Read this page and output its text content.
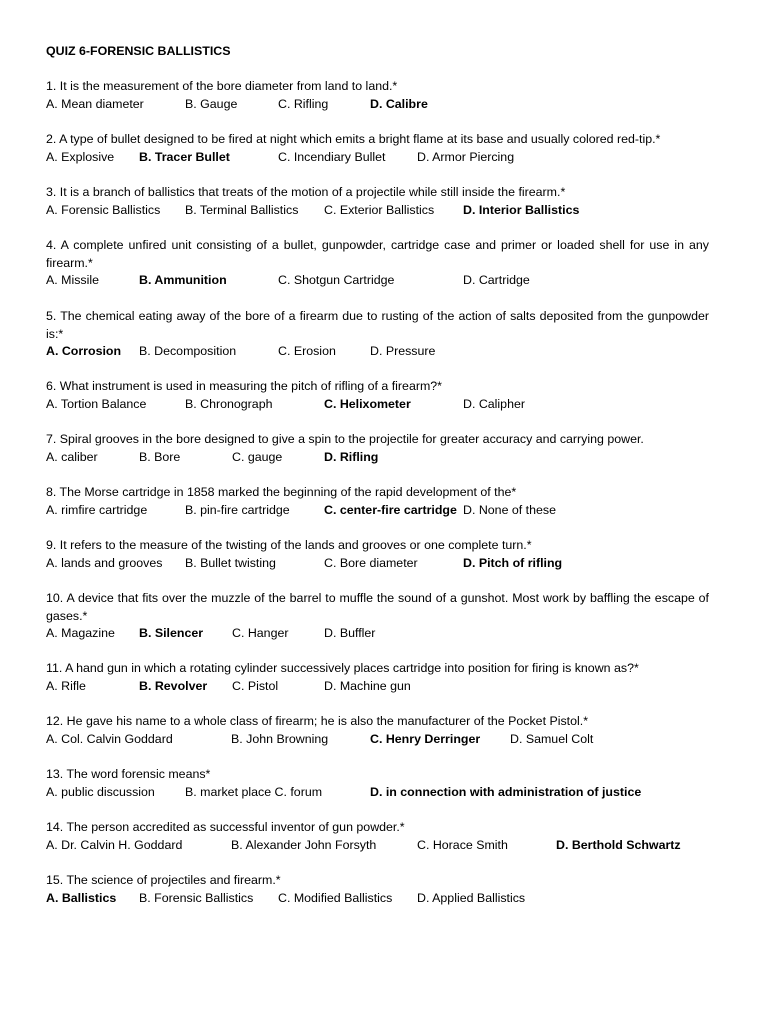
QUIZ 6-FORENSIC BALLISTICS
1. It is the measurement of the bore diameter from land to land.*
A. Mean diameter	B. Gauge	C. Rifling	D. Calibre
2. A type of bullet designed to be fired at night which emits a bright flame at its base and usually colored red-tip.*
A. Explosive B. Tracer Bullet	C. Incendiary Bullet	D. Armor Piercing
3. It is a branch of ballistics that treats of the motion of a projectile while still inside the firearm.*
A. Forensic Ballistics B. Terminal Ballistics C. Exterior Ballistics D. Interior Ballistics
4. A complete unfired unit consisting of a bullet, gunpowder, cartridge case and primer or loaded shell for use in any firearm.*
A. Missile	B. Ammunition	C. Shotgun Cartridge	D. Cartridge
5. The chemical eating away of the bore of a firearm due to rusting of the action of salts deposited from the gunpowder is:*
A. Corrosion B. Decomposition	C. Erosion	D. Pressure
6. What instrument is used in measuring the pitch of rifling of a firearm?*
A. Tortion Balance	B. Chronograph	C. Helixometer	D. Calipher
7. Spiral grooves in the bore designed to give a spin to the projectile for greater accuracy and carrying power.
A. caliber	B. Bore	C. gauge	D. Rifling
8. The Morse cartridge in 1858 marked the beginning of the rapid development of the*
A. rimfire cartridge	B. pin-fire cartridge	C. center-fire cartridge D. None of these
9. It refers to the measure of the twisting of the lands and grooves or one complete turn.*
A. lands and grooves B. Bullet twisting	C. Bore diameter	D. Pitch of rifling
10. A device that fits over the muzzle of the barrel to muffle the sound of a gunshot. Most work by baffling the escape of gases.*
A. Magazine B. Silencer C. Hanger	D. Buffler
11. A hand gun in which a rotating cylinder successively places cartridge into position for firing is known as?*
A. Rifle	B. Revolver C. Pistol	D. Machine gun
12. He gave his name to a whole class of firearm; he is also the manufacturer of the Pocket Pistol.*
A. Col. Calvin Goddard	B. John Browning	C. Henry Derringer D. Samuel Colt
13. The word forensic means*
A. public discussion B. market place C. forum	D. in connection with administration of justice
14. The person accredited as successful inventor of gun powder.*
A. Dr. Calvin H. Goddard	B. Alexander John Forsyth	C. Horace Smith	D. Berthold Schwartz
15. The science of projectiles and firearm.*
A. Ballistics B. Forensic Ballistics C. Modified Ballistics D. Applied Ballistics
